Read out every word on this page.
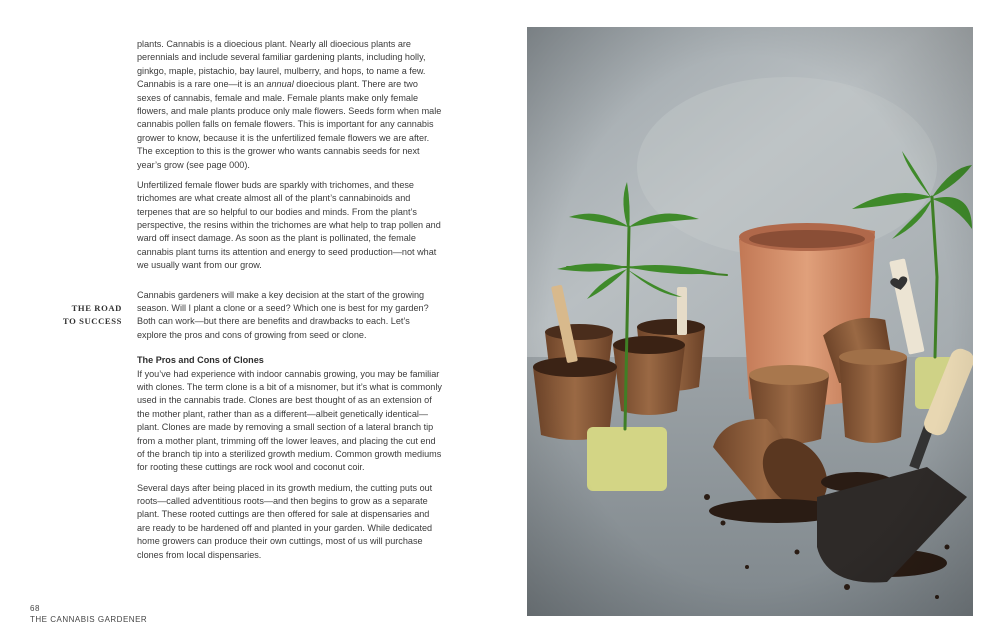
plants. Cannabis is a dioecious plant. Nearly all dioecious plants are perennials and include several familiar gardening plants, including holly, ginkgo, maple, pistachio, bay laurel, mulberry, and hops, to name a few. Cannabis is a rare one—it is an annual dioecious plant. There are two sexes of cannabis, female and male. Female plants make only female flowers, and male plants produce only male flowers. Seeds form when male cannabis pollen falls on female flowers. This is important for any cannabis grower to know, because it is the unfertilized female flowers we are after. The exception to this is the grower who wants cannabis seeds for next year’s grow (see page 000).

Unfertilized female flower buds are sparkly with trichomes, and these trichomes are what create almost all of the plant’s cannabinoids and terpenes that are so helpful to our bodies and minds. From the plant’s perspective, the resins within the trichomes are what help to trap pollen and ward off insect damage. As soon as the plant is pollinated, the female cannabis plant turns its attention and energy to seed production—not what we usually want from our grow.

Cannabis gardeners will make a key decision at the start of the growing season. Will I plant a clone or a seed? Which one is best for my garden? Both can work—but there are benefits and drawbacks to each. Let’s explore the pros and cons of growing from seed or clone.

The Pros and Cons of Clones
If you’ve had experience with indoor cannabis growing, you may be familiar with clones. The term clone is a bit of a misnomer, but it’s what is commonly used in the cannabis trade. Clones are best thought of as an extension of the mother plant, rather than as a different—albeit genetically identical—plant. Clones are made by removing a small section of a lateral branch tip from a mother plant, trimming off the lower leaves, and placing the cut end of the branch tip into a sterilized growth medium. Common growth mediums for rooting these cuttings are rock wool and coconut coir.

Several days after being placed in its growth medium, the cutting puts out roots—called adventitious roots—and then begins to grow as a separate plant. These rooted cuttings are then offered for sale at dispensaries and are ready to be hardened off and planted in your garden. While dedicated home growers can produce their own cuttings, most of us will purchase clones from local dispensaries.

THE ROAD
TO SUCCESS
68
THE CANNABIS GARDENER
